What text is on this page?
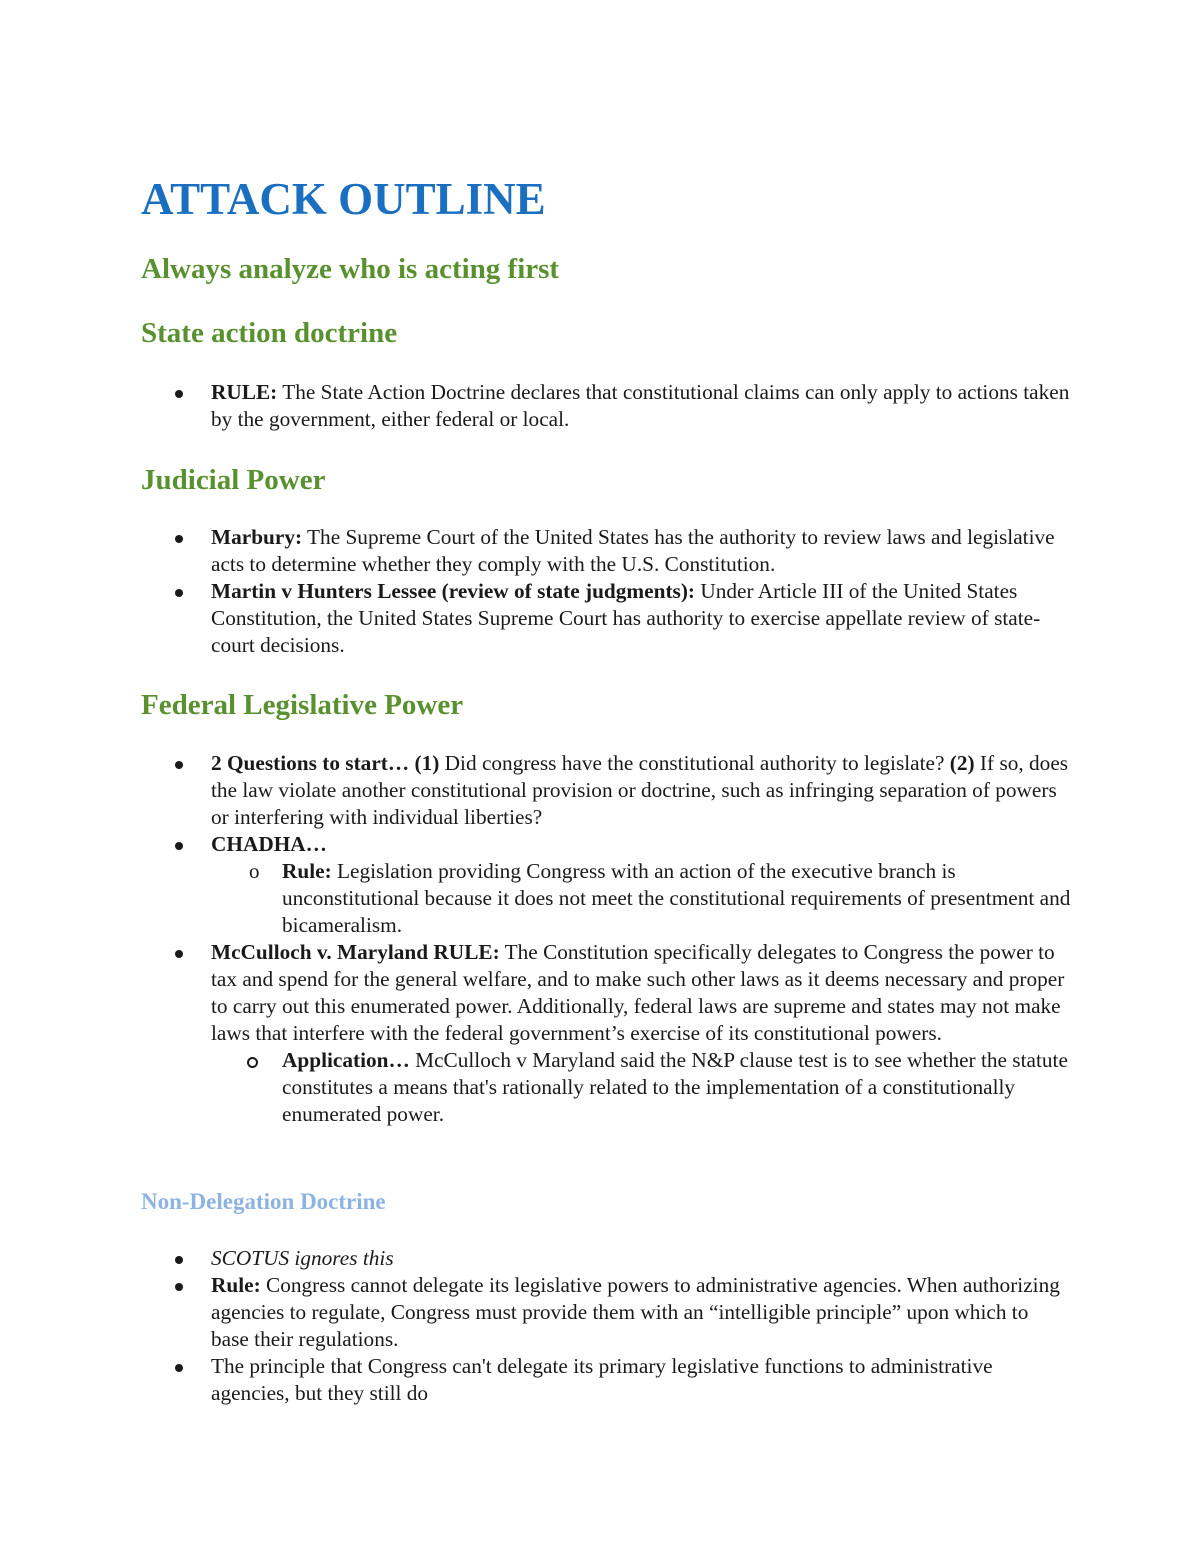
ATTACK OUTLINE
Always analyze who is acting first
State action doctrine
RULE: The State Action Doctrine declares that constitutional claims can only apply to actions taken by the government, either federal or local.
Judicial Power
Marbury: The Supreme Court of the United States has the authority to review laws and legislative acts to determine whether they comply with the U.S. Constitution.
Martin v Hunters Lessee (review of state judgments): Under Article III of the United States Constitution, the United States Supreme Court has authority to exercise appellate review of state-court decisions.
Federal Legislative Power
2 Questions to start… (1) Did congress have the constitutional authority to legislate? (2) If so, does the law violate another constitutional provision or doctrine, such as infringing separation of powers or interfering with individual liberties?
CHADHA…
o Rule: Legislation providing Congress with an action of the executive branch is unconstitutional because it does not meet the constitutional requirements of presentment and bicameralism.
McCulloch v. Maryland RULE: The Constitution specifically delegates to Congress the power to tax and spend for the general welfare, and to make such other laws as it deems necessary and proper to carry out this enumerated power. Additionally, federal laws are supreme and states may not make laws that interfere with the federal government’s exercise of its constitutional powers.
Application… McCulloch v Maryland said the N&P clause test is to see whether the statute constitutes a means that's rationally related to the implementation of a constitutionally enumerated power.
Non-Delegation Doctrine
SCOTUS ignores this
Rule: Congress cannot delegate its legislative powers to administrative agencies. When authorizing agencies to regulate, Congress must provide them with an “intelligible principle” upon which to base their regulations.
The principle that Congress can't delegate its primary legislative functions to administrative agencies, but they still do
